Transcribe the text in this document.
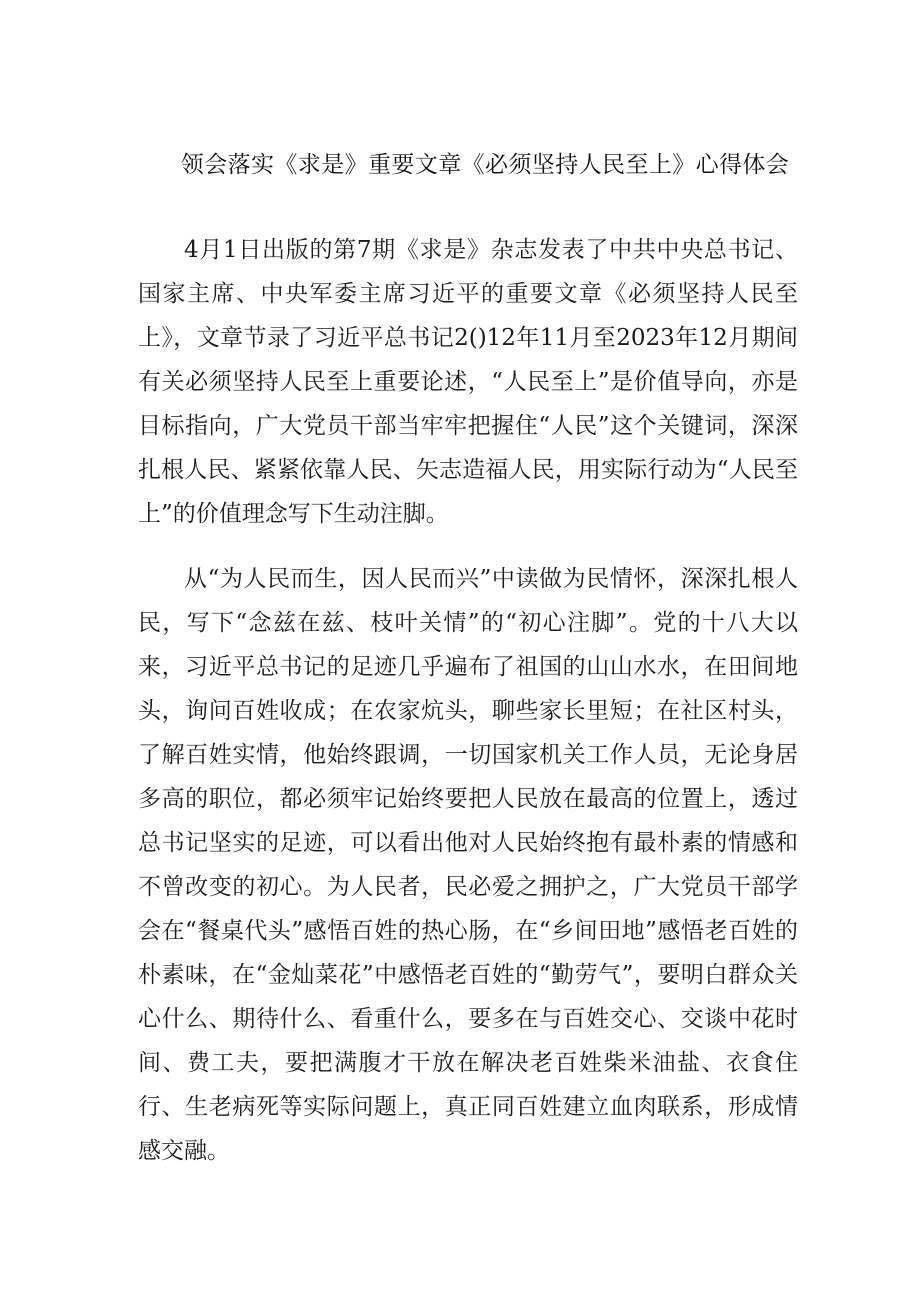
领会落实《求是》重要文章《必须坚持人民至上》心得体会

4月1日出版的第7期《求是》杂志发表了中共中央总书记、国家主席、中央军委主席习近平的重要文章《必须坚持人民至上》，文章节录了习近平总书记2()12年11月至2023年12月期间有关必须坚持人民至上重要论述，“人民至上”是价值导向，亦是目标指向，广大党员干部当牢牢把握住“人民”这个关键词，深深扎根人民、紧紧依靠人民、矢志造福人民，用实际行动为“人民至上”的价值理念写下生动注脚。

从“为人民而生，因人民而兴”中读做为民情怀，深深扎根人民，写下“念兹在兹、枝叶关情”的“初心注脚”。党的十八大以来，习近平总书记的足迹几乎遍布了祖国的山山水水，在田间地头，询问百姓收成；在农家炕头，聊些家长里短；在社区村头，了解百姓实情，他始终跟调，一切国家机关工作人员，无论身居多高的职位，都必须牢记始终要把人民放在最高的位置上，透过总书记坚实的足迹，可以看出他对人民始终抱有最朴素的情感和不曾改变的初心。为人民者，民必爱之拥护之，广大党员干部学会在“餐桌代头”感悟百姓的热心肠，在“乡间田地”感悟老百姓的朴素味，在“金灿菜花”中感悟老百姓的“勤劳气”，要明白群众关心什么、期待什么、看重什么，要多在与百姓交心、交谈中花时间、费工夫，要把满腹才干放在解决老百姓柴米油盐、衣食住行、生老病死等实际问题上，真正同百姓建立血肉联系，形成情感交融。
